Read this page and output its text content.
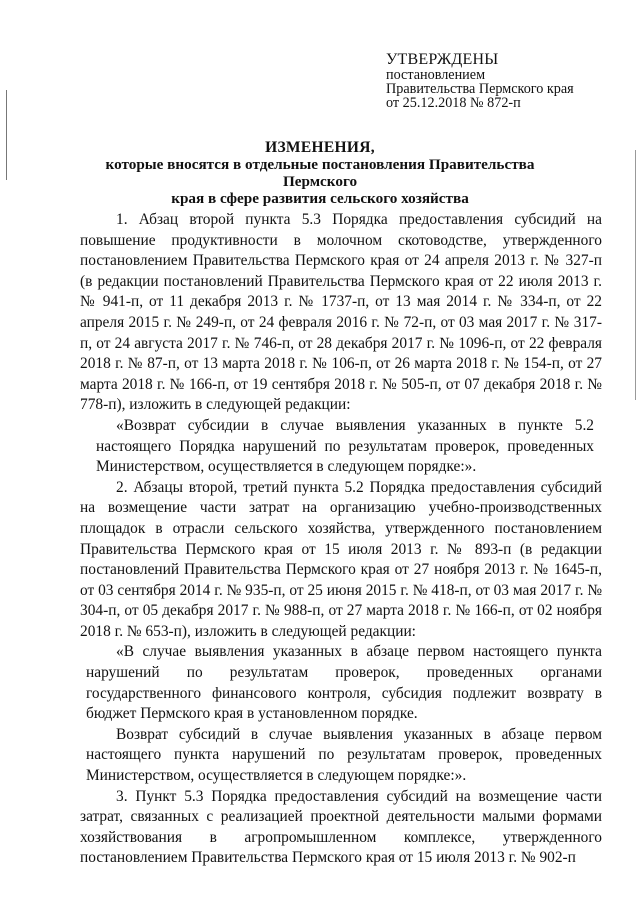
УТВЕРЖДЕНЫ
постановлением
Правительства Пермского края
от 25.12.2018 № 872-п
ИЗМЕНЕНИЯ,
которые вносятся в отдельные постановления Правительства Пермского
края в сфере развития сельского хозяйства

1. Абзац второй пункта 5.3 Порядка предоставления субсидий на повышение продуктивности в молочном скотоводстве, утвержденного постановлением Правительства Пермского края от 24 апреля 2013 г. № 327-п (в редакции постановлений Правительства Пермского края от 22 июля 2013 г. № 941-п, от 11 декабря 2013 г. № 1737-п, от 13 мая 2014 г. № 334-п, от 22 апреля 2015 г. № 249-п, от 24 февраля 2016 г. № 72-п, от 03 мая 2017 г. № 317-п, от 24 августа 2017 г. № 746-п, от 28 декабря 2017 г. № 1096-п, от 22 февраля 2018 г. № 87-п, от 13 марта 2018 г. № 106-п, от 26 марта 2018 г. № 154-п, от 27 марта 2018 г. № 166-п, от 19 сентября 2018 г. № 505-п, от 07 декабря 2018 г. № 778-п), изложить в следующей редакции:

«Возврат субсидии в случае выявления указанных в пункте 5.2 настоящего Порядка нарушений по результатам проверок, проведенных Министерством, осуществляется в следующем порядке:».

2. Абзацы второй, третий пункта 5.2 Порядка предоставления субсидий на возмещение части затрат на организацию учебно-производственных площадок в отрасли сельского хозяйства, утвержденного постановлением Правительства Пермского края от 15 июля 2013 г. № 893-п (в редакции постановлений Правительства Пермского края от 27 ноября 2013 г. № 1645-п, от 03 сентября 2014 г. № 935-п, от 25 июня 2015 г. № 418-п, от 03 мая 2017 г. № 304-п, от 05 декабря 2017 г. № 988-п, от 27 марта 2018 г. № 166-п, от 02 ноября 2018 г. № 653-п), изложить в следующей редакции:

«В случае выявления указанных в абзаце первом настоящего пункта нарушений по результатам проверок, проведенных органами государственного финансового контроля, субсидия подлежит возврату в бюджет Пермского края в установленном порядке.

Возврат субсидий в случае выявления указанных в абзаце первом настоящего пункта нарушений по результатам проверок, проведенных Министерством, осуществляется в следующем порядке:».

3. Пункт 5.3 Порядка предоставления субсидий на возмещение части затрат, связанных с реализацией проектной деятельности малыми формами хозяйствования в агропромышленном комплексе, утвержденного постановлением Правительства Пермского края от 15 июля 2013 г. № 902-п
